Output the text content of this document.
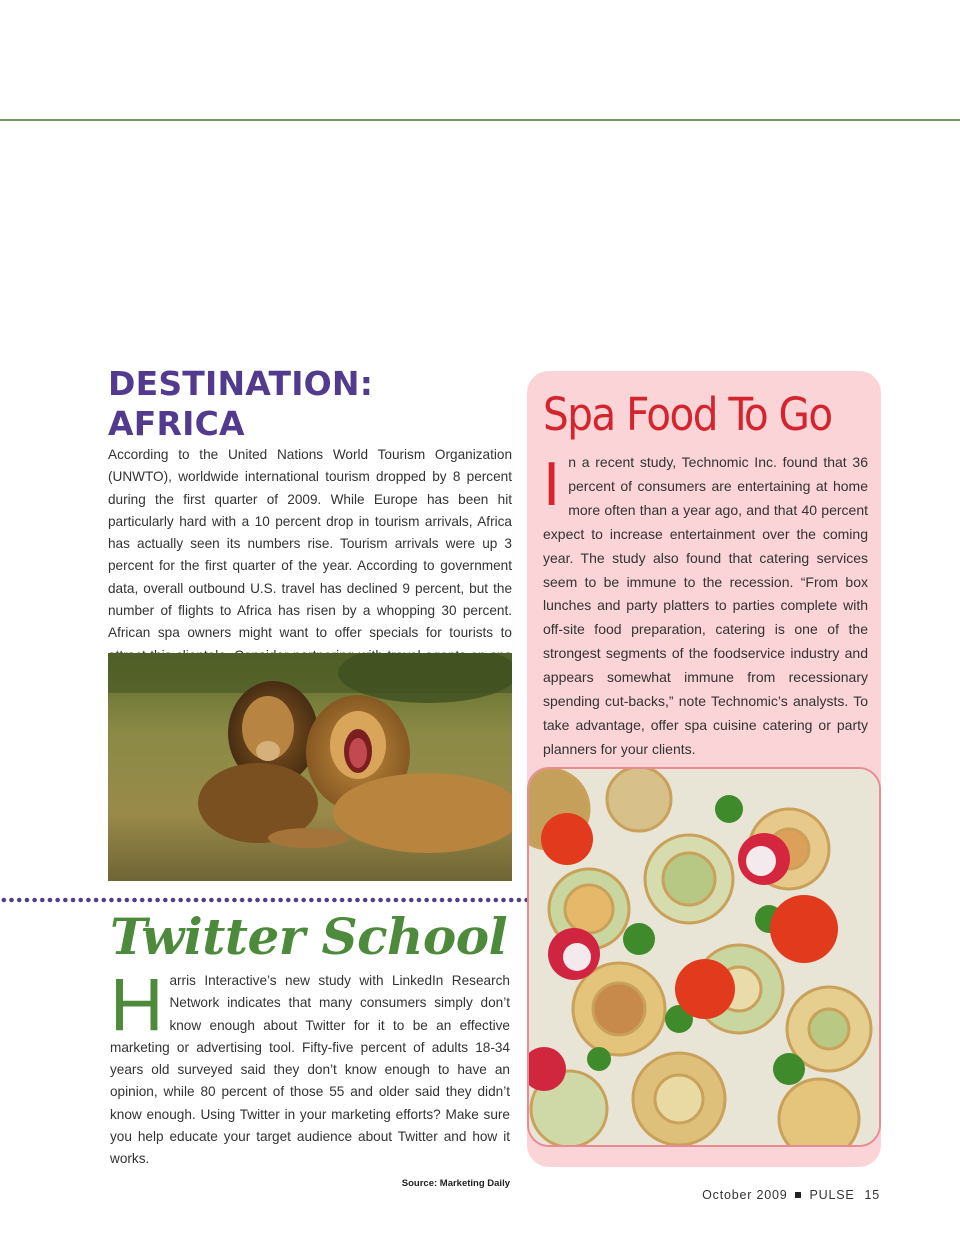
DESTINATION: AFRICA

According to the United Nations World Tourism Organization (UNWTO), worldwide international tourism dropped by 8 percent during the first quarter of 2009. While Europe has been hit particularly hard with a 10 percent drop in tourism arrivals, Africa has actually seen its numbers rise. Tourism arrivals were up 3 percent for the first quarter of the year. According to government data, overall outbound U.S. travel has declined 9 percent, but the number of flights to Africa has risen by a whopping 30 percent. African spa owners might want to offer specials for tourists to

Twitter School

Harris Interactive’s new study with LinkedIn Research Network indicates that many consumers simply don’t know enough about Twitter for it to be an effective marketing or advertising tool. Fifty-five percent of adults 18-34 years old surveyed said they don’t know enough to have an opinion, while 80 percent of those 55 and older said they didn’t know enough. Using Twitter in your marketing efforts? Make sure you help educate your target audience about Twitter and how it works.

Source: Marketing Daily
Spa Food To Go

In a recent study, Technomic Inc. found that 36 percent of consumers are entertaining at home more often than a year ago, and that 40 percent expect to increase entertainment over the coming year. The study also found that catering services seem to be immune to the recession. “From box lunches and party platters to parties complete with off-site food preparation, catering is one of the strongest segments of the foodservice industry and appears somewhat immune from recessionary spending cut-backs,” note Technomic’s analysts. To take advantage, offer spa cuisine catering or party planners for your clients.

October 2009 PULSE 15
